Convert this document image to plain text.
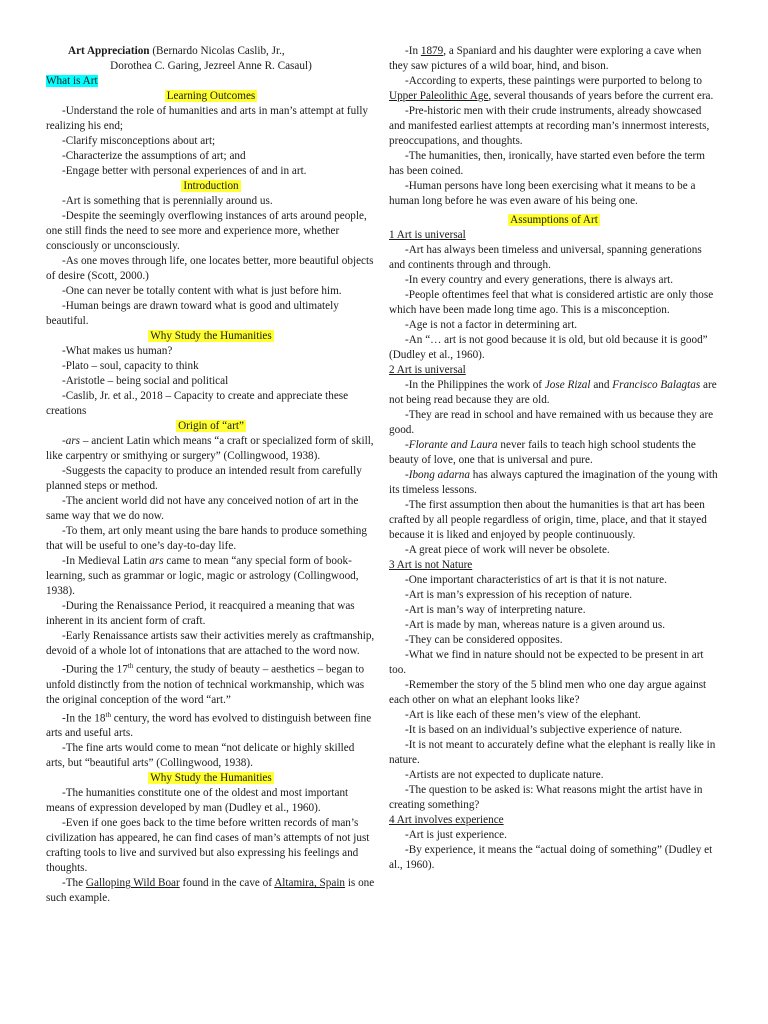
Art Appreciation (Bernardo Nicolas Caslib, Jr.,

Dorothea C. Garing, Jezreel Anne R. Casaul)

What is Art

Learning Outcomes

-Understand the role of humanities and arts in man’s attempt at fully realizing his end;

-Clarify misconceptions about art;

-Characterize the assumptions of art; and

-Engage better with personal experiences of and in art.

Introduction

-Art is something that is perennially around us.

-Despite the seemingly overflowing instances of arts around people, one still finds the need to see more and experience more, whether consciously or unconsciously.

-As one moves through life, one locates better, more beautiful objects of desire (Scott, 2000.)

-One can never be totally content with what is just before him.

-Human beings are drawn toward what is good and ultimately beautiful.

Why Study the Humanities

-What makes us human?

-Plato – soul, capacity to think

-Aristotle – being social and political

-Caslib, Jr. et al., 2018 – Capacity to create and appreciate these creations

Origin of “art”

-ars – ancient Latin which means “a craft or specialized form of skill, like carpentry or smithying or surgery” (Collingwood, 1938).

-Suggests the capacity to produce an intended result from carefully planned steps or method.

-The ancient world did not have any conceived notion of art in the same way that we do now.

-To them, art only meant using the bare hands to produce something that will be useful to one’s day-to-day life.

-In Medieval Latin ars came to mean “any special form of book-learning, such as grammar or logic, magic or astrology (Collingwood, 1938).

-During the Renaissance Period, it reacquired a meaning that was inherent in its ancient form of craft.

-Early Renaissance artists saw their activities merely as craftmanship, devoid of a whole lot of intonations that are attached to the word now.

-During the 17th century, the study of beauty – aesthetics – began to unfold distinctly from the notion of technical workmanship, which was the original conception of the word “art.”

-In the 18th century, the word has evolved to distinguish between fine arts and useful arts.

-The fine arts would come to mean “not delicate or highly skilled arts, but “beautiful arts” (Collingwood, 1938).

Why Study the Humanities

-The humanities constitute one of the oldest and most important means of expression developed by man (Dudley et al., 1960).

-Even if one goes back to the time before written records of man’s civilization has appeared, he can find cases of man’s attempts of not just crafting tools to live and survived but also expressing his feelings and thoughts.

-The Galloping Wild Boar found in the cave of Altamira, Spain is one such example.

-In 1879, a Spaniard and his daughter were exploring a cave when they saw pictures of a wild boar, hind, and bison.

-According to experts, these paintings were purported to belong to Upper Paleolithic Age, several thousands of years before the current era.

-Pre-historic men with their crude instruments, already showcased and manifested earliest attempts at recording man’s innermost interests, preoccupations, and thoughts.

-The humanities, then, ironically, have started even before the term has been coined.

-Human persons have long been exercising what it means to be a human long before he was even aware of his being one.

Assumptions of Art

1 Art is universal

-Art has always been timeless and universal, spanning generations and continents through and through.

-In every country and every generations, there is always art.

-People oftentimes feel that what is considered artistic are only those which have been made long time ago. This is a misconception.

-Age is not a factor in determining art.

-An “… art is not good because it is old, but old because it is good” (Dudley et al., 1960).

2 Art is universal

-In the Philippines the work of Jose Rizal and Francisco Balagtas are not being read because they are old.

-They are read in school and have remained with us because they are good.

-Florante and Laura never fails to teach high school students the beauty of love, one that is universal and pure.

-Ibong adarna has always captured the imagination of the young with its timeless lessons.

-The first assumption then about the humanities is that art has been crafted by all people regardless of origin, time, place, and that it stayed because it is liked and enjoyed by people continuously.

-A great piece of work will never be obsolete.

3 Art is not Nature

-One important characteristics of art is that it is not nature.

-Art is man’s expression of his reception of nature.

-Art is man’s way of interpreting nature.

-Art is made by man, whereas nature is a given around us.

-They can be considered opposites.

-What we find in nature should not be expected to be present in art too.

-Remember the story of the 5 blind men who one day argue against each other on what an elephant looks like?

-Art is like each of these men’s view of the elephant.

-It is based on an individual’s subjective experience of nature.

-It is not meant to accurately define what the elephant is really like in nature.

-Artists are not expected to duplicate nature.

-The question to be asked is: What reasons might the artist have in creating something?

4 Art involves experience

-Art is just experience.

-By experience, it means the “actual doing of something” (Dudley et al., 1960).
